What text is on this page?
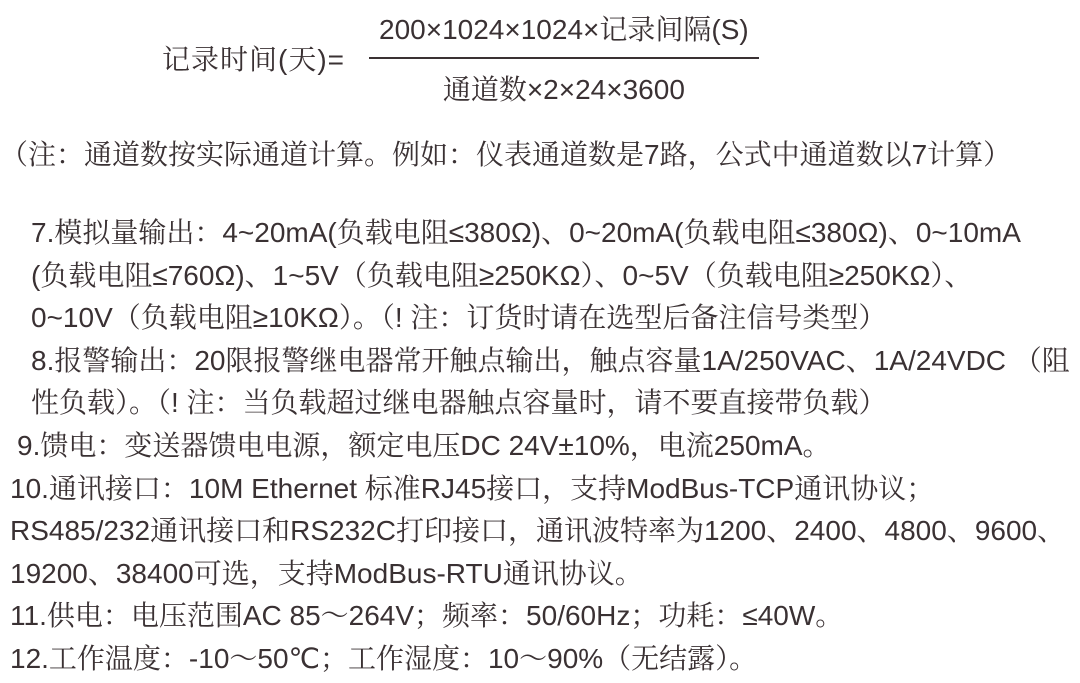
记录时间(天)= $\frac{\text{200×1024×1024×记录间隔(S)}}{\text{通道数×2×24×3600}}$
（注：通道数按实际通道计算。例如：仪表通道数是7路，公式中通道数以7计算）

7.模拟量输出：4~20mA(负载电阻≤380Ω)、0~20mA(负载电阻≤380Ω)、0~10mA

(负载电阻≤760Ω)、1~5V（负载电阻≥250KΩ）、0~5V（负载电阻≥250KΩ）、

0~10V（负载电阻≥10KΩ）。（! 注：订货时请在选型后备注信号类型）

8.报警输出：20限报警继电器常开触点输出，触点容量1A/250VAC、1A/24VDC （阻

性负载）。（! 注：当负载超过继电器触点容量时，请不要直接带负载）

9.馈电：变送器馈电电源，额定电压DC 24V±10%，电流250mA。

10.通讯接口：10M Ethernet 标准RJ45接口，支持ModBus-TCP通讯协议；

RS485/232通讯接口和RS232C打印接口，通讯波特率为1200、2400、4800、9600、

19200、38400可选，支持ModBus-RTU通讯协议。

11.供电：电压范围AC 85～264V；频率：50/60Hz；功耗：≤40W。

12.工作温度：-10～50℃；工作湿度：10～90%（无结露）。
